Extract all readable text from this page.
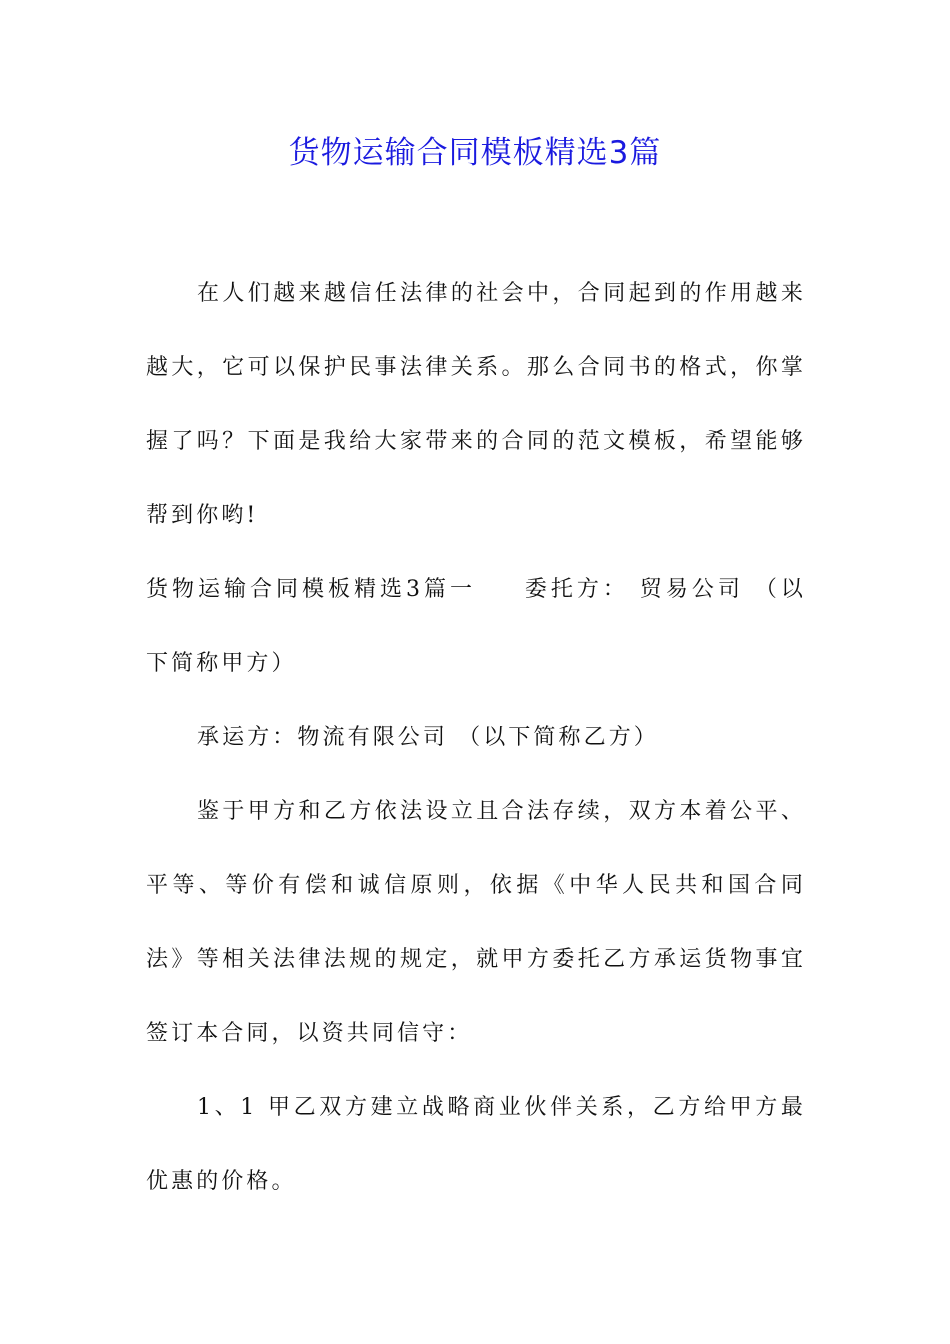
货物运输合同模板精选3篇

在人们越来越信任法律的社会中，合同起到的作用越来越大，它可以保护民事法律关系。那么合同书的格式，你掌握了吗？下面是我给大家带来的合同的范文模板，希望能够帮到你哟!

货物运输合同模板精选3篇一 委托方： 贸易公司 （以下简称甲方）

承运方：物流有限公司 （以下简称乙方）

鉴于甲方和乙方依法设立且合法存续，双方本着公平、平等、等价有偿和诚信原则，依据《中华人民共和国合同法》等相关法律法规的规定，就甲方委托乙方承运货物事宜签订本合同，以资共同信守：

1、1 甲乙双方建立战略商业伙伴关系，乙方给甲方最优惠的价格。
